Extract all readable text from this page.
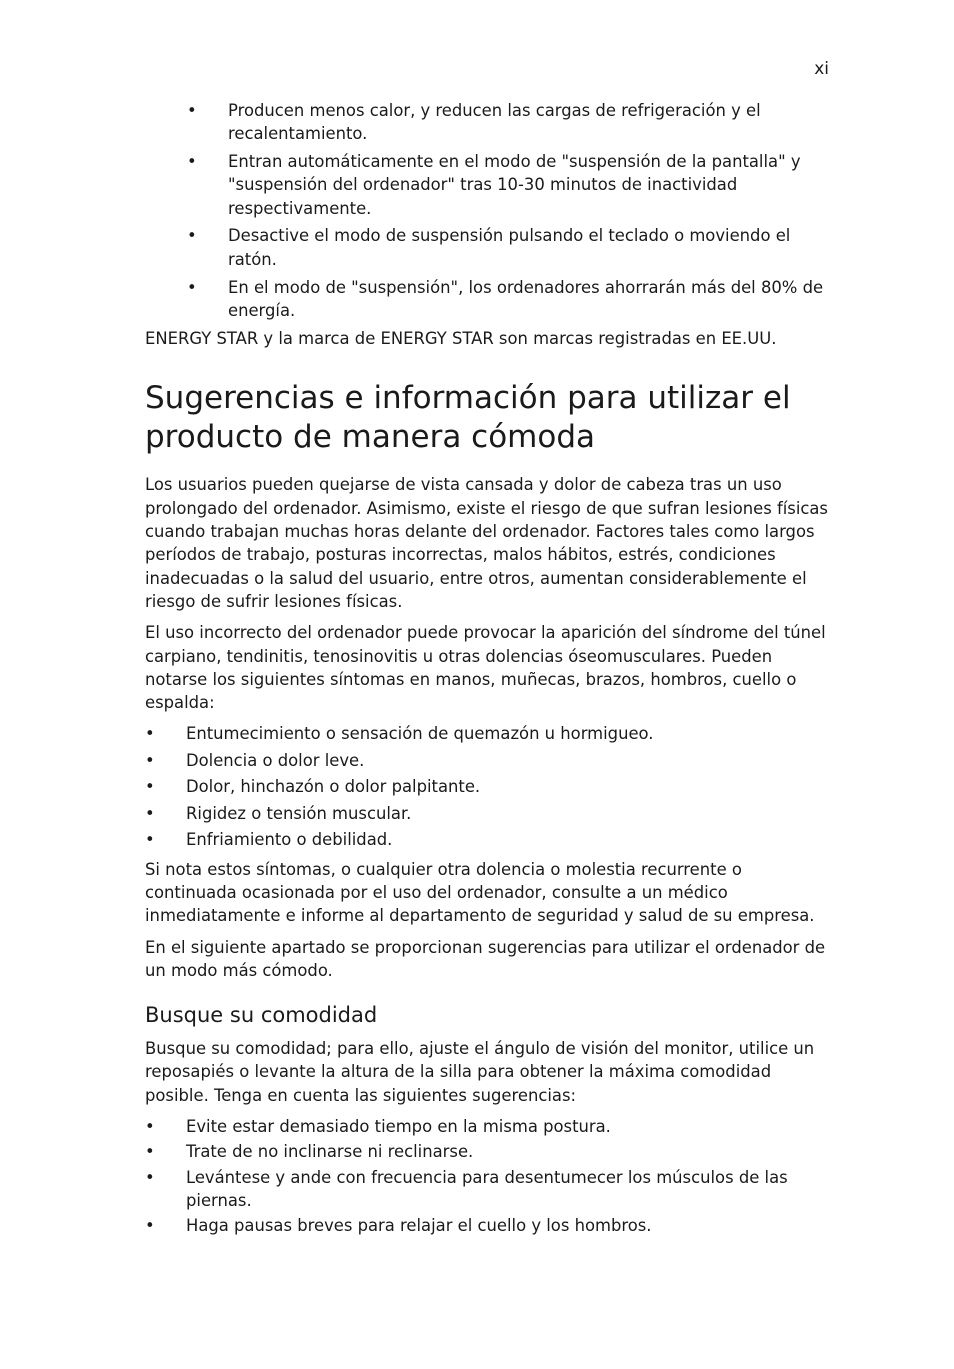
xi
• Producen menos calor, y reducen las cargas de refrigeración y el recalentamiento.
• Entran automáticamente en el modo de "suspensión de la pantalla" y "suspensión del ordenador" tras 10-30 minutos de inactividad respectivamente.
• Desactive el modo de suspensión pulsando el teclado o moviendo el ratón.
• En el modo de "suspensión", los ordenadores ahorrarán más del 80% de energía.

ENERGY STAR y la marca de ENERGY STAR son marcas registradas en EE.UU.

Sugerencias e información para utilizar el producto de manera cómoda

Los usuarios pueden quejarse de vista cansada y dolor de cabeza tras un uso prolongado del ordenador. Asimismo, existe el riesgo de que sufran lesiones físicas cuando trabajan muchas horas delante del ordenador. Factores tales como largos períodos de trabajo, posturas incorrectas, malos hábitos, estrés, condiciones inadecuadas o la salud del usuario, entre otros, aumentan considerablemente el riesgo de sufrir lesiones físicas.

El uso incorrecto del ordenador puede provocar la aparición del síndrome del túnel carpiano, tendinitis, tenosinovitis u otras dolencias óseomusculares. Pueden notarse los siguientes síntomas en manos, muñecas, brazos, hombros, cuello o espalda:

• Entumecimiento o sensación de quemazón u hormigueo.
• Dolencia o dolor leve.
• Dolor, hinchazón o dolor palpitante.
• Rigidez o tensión muscular.
• Enfriamiento o debilidad.

Si nota estos síntomas, o cualquier otra dolencia o molestia recurrente o continuada ocasionada por el uso del ordenador, consulte a un médico inmediatamente e informe al departamento de seguridad y salud de su empresa.

En el siguiente apartado se proporcionan sugerencias para utilizar el ordenador de un modo más cómodo.

Busque su comodidad

Busque su comodidad; para ello, ajuste el ángulo de visión del monitor, utilice un reposapiés o levante la altura de la silla para obtener la máxima comodidad posible. Tenga en cuenta las siguientes sugerencias:

• Evite estar demasiado tiempo en la misma postura.
• Trate de no inclinarse ni reclinarse.
• Levántese y ande con frecuencia para desentumecer los músculos de las piernas.
• Haga pausas breves para relajar el cuello y los hombros.
